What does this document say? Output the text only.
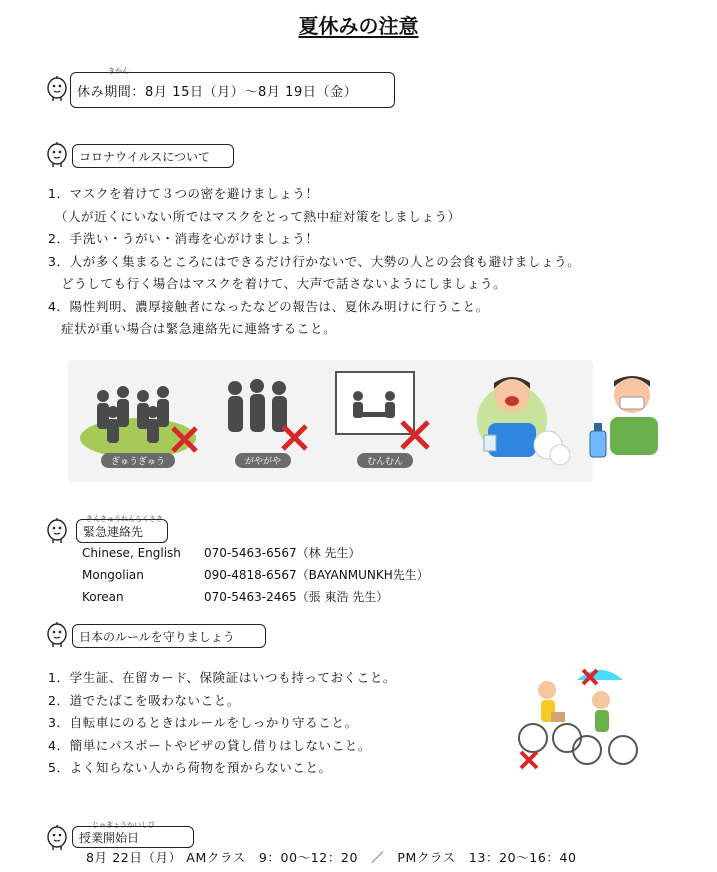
夏休みの注意
休み期間：8月 15日（月）～8月 19日（金）
きかん
コロナウイルスについて
1．マスクを着けて３つの密を避けましょう！
　（人が近くにいない所ではマスクをとって熱中症対策をしましょう）
2．手洗い・うがい・消毒を心がけましょう！
3．人が多く集まるところにはできるだけ行かないで、大勢の人との会食も避けましょう。
　どうしても行く場合はマスクを着けて、大声で話さないようにしましょう。
4．陽性判明、濃厚接触者になったなどの報告は、夏休み明けに行うこと。
　症状が重い場合は緊急連絡先に連絡すること。
ぎゅうぎゅう	がやがや	むんむん
緊急連絡先
きんきゅうれんらくさき
Chinese, English	070-5463-6567（林 先生）
Mongolian	090-4818-6567（BAYANMUNKH先生）
Korean	070-5463-2465（張 東浩 先生）
日本のルールを守りましょう
1．学生証、在留カード、保険証はいつも持っておくこと。
2．道でたばこを吸わないこと。
3．自転車にのるときはルールをしっかり守ること。
4．簡単にパスポートやビザの貸し借りはしないこと。
5．よく知らない人から荷物を預からないこと。
授業開始日
じゅぎょうかいしび
8月 22日（月） AMクラス　9：00～12：20　／　PMクラス　13：20～16：40
